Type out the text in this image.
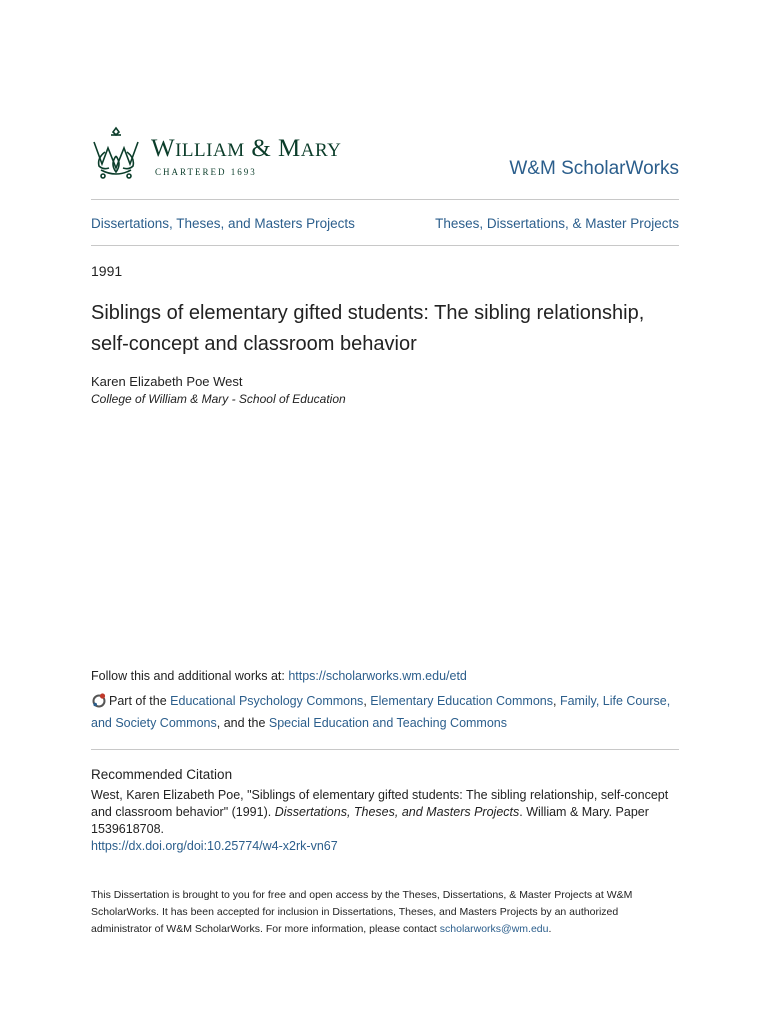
WILLIAM & MARY
CHARTERED 1693	W&M ScholarWorks
Dissertations, Theses, and Masters Projects	Theses, Dissertations, & Master Projects
1991
Siblings of elementary gifted students: The sibling relationship, self-concept and classroom behavior
Karen Elizabeth Poe West
College of William & Mary - School of Education
Follow this and additional works at: https://scholarworks.wm.edu/etd
Part of the Educational Psychology Commons, Elementary Education Commons, Family, Life Course, and Society Commons, and the Special Education and Teaching Commons
Recommended Citation
West, Karen Elizabeth Poe, "Siblings of elementary gifted students: The sibling relationship, self-concept and classroom behavior" (1991). Dissertations, Theses, and Masters Projects. William & Mary. Paper 1539618708.
https://dx.doi.org/doi:10.25774/w4-x2rk-vn67
This Dissertation is brought to you for free and open access by the Theses, Dissertations, & Master Projects at W&M ScholarWorks. It has been accepted for inclusion in Dissertations, Theses, and Masters Projects by an authorized administrator of W&M ScholarWorks. For more information, please contact scholarworks@wm.edu.
